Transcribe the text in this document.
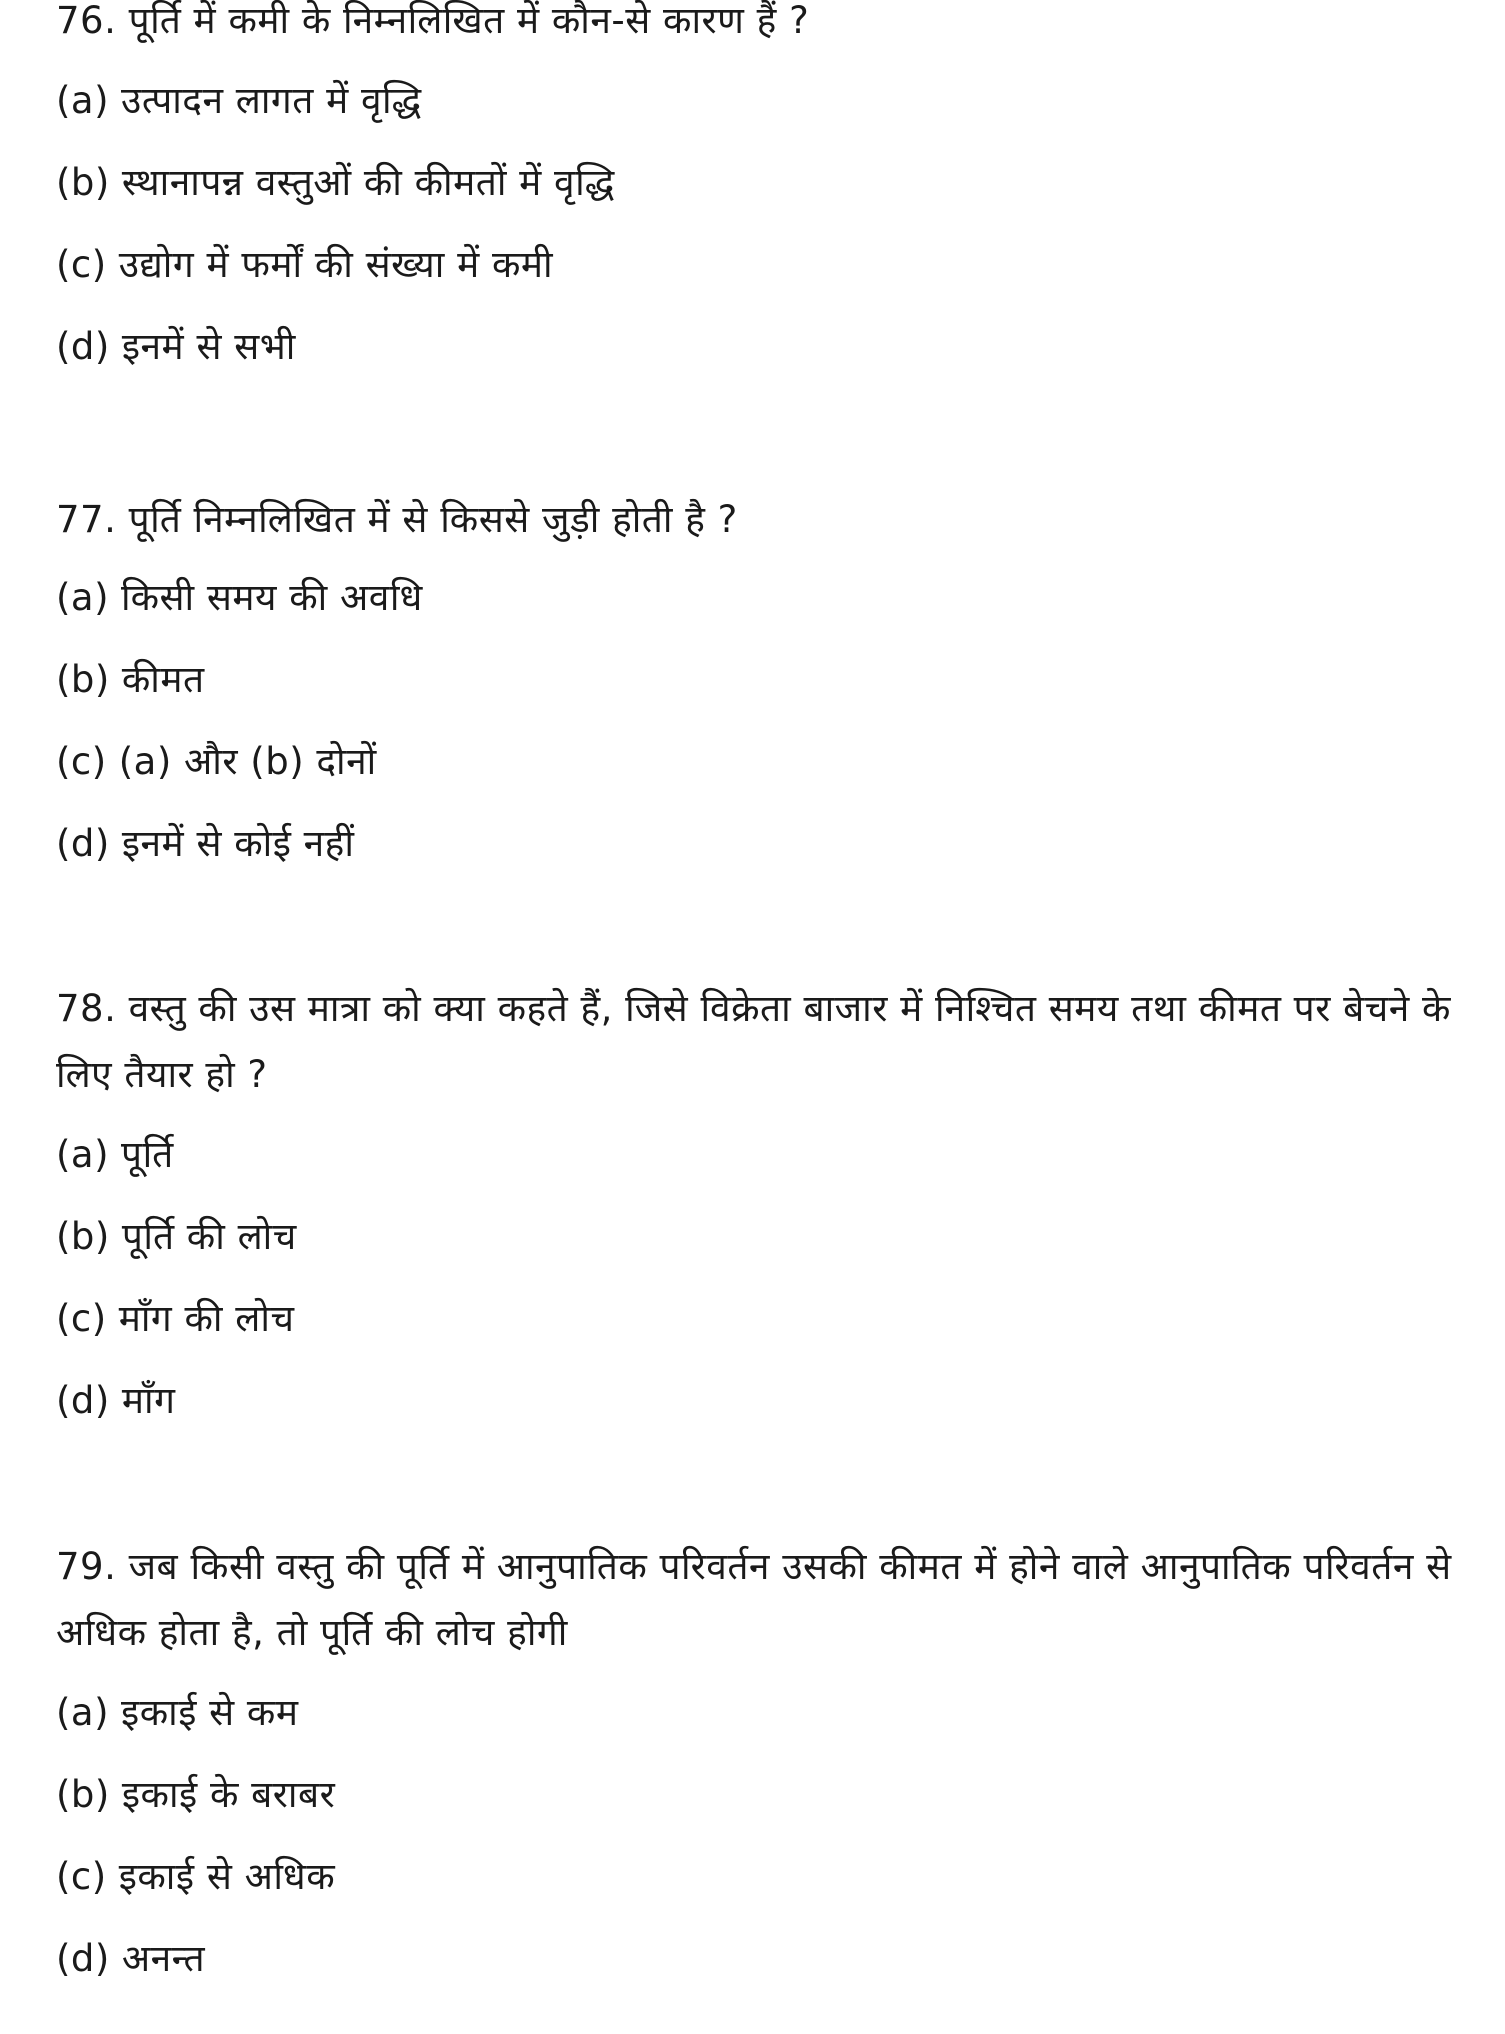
76. पूर्ति में कमी के निम्नलिखित में कौन-से कारण हैं ?
(a) उत्पादन लागत में वृद्धि
(b) स्थानापन्न वस्तुओं की कीमतों में वृद्धि
(c) उद्योग में फर्मों की संख्या में कमी
(d) इनमें से सभी
77. पूर्ति निम्नलिखित में से किससे जुड़ी होती है ?
(a) किसी समय की अवधि
(b) कीमत
(c) (a) और (b) दोनों
(d) इनमें से कोई नहीं
78. वस्तु की उस मात्रा को क्या कहते हैं, जिसे विक्रेता बाजार में निश्चित समय तथा कीमत पर बेचने के लिए तैयार हो ?
(a) पूर्ति
(b) पूर्ति की लोच
(c) माँग की लोच
(d) माँग
79. जब किसी वस्तु की पूर्ति में आनुपातिक परिवर्तन उसकी कीमत में होने वाले आनुपातिक परिवर्तन से अधिक होता है, तो पूर्ति की लोच होगी
(a) इकाई से कम
(b) इकाई के बराबर
(c) इकाई से अधिक
(d) अनन्त
